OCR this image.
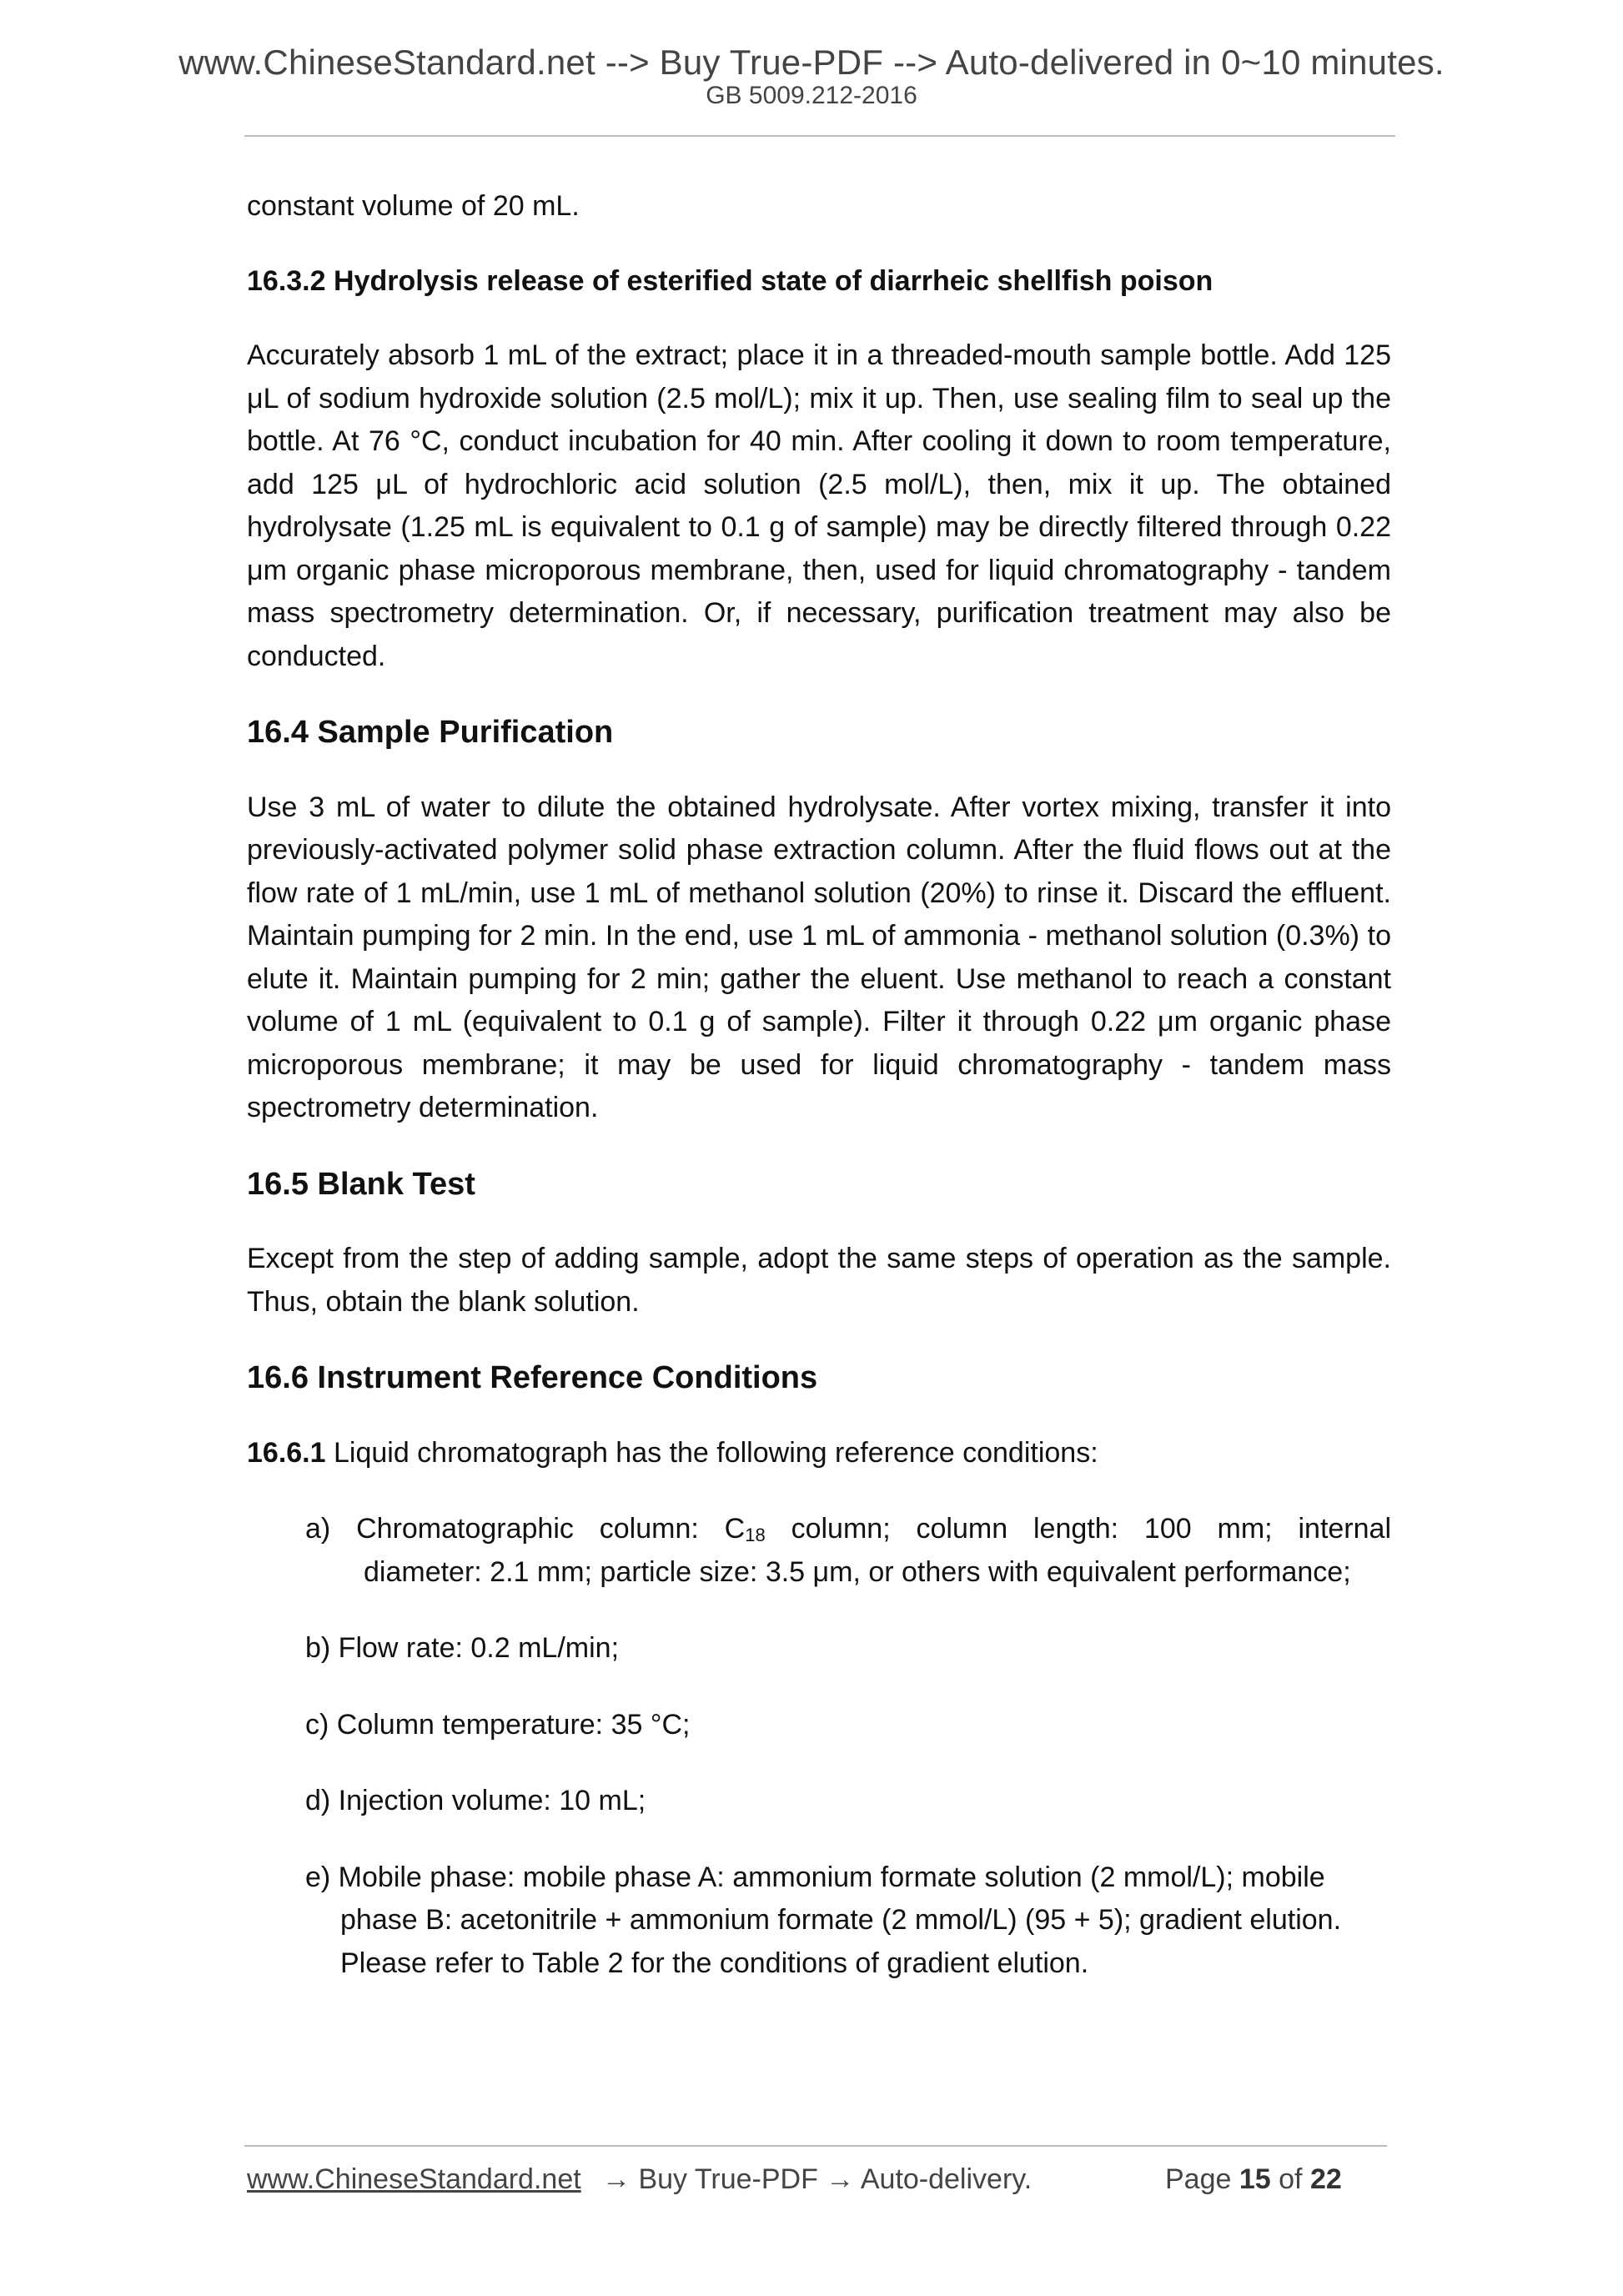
www.ChineseStandard.net --> Buy True-PDF --> Auto-delivered in 0~10 minutes.
GB 5009.212-2016

constant volume of 20 mL.

16.3.2 Hydrolysis release of esterified state of diarrheic shellfish poison

Accurately absorb 1 mL of the extract; place it in a threaded-mouth sample bottle. Add 125 μL of sodium hydroxide solution (2.5 mol/L); mix it up. Then, use sealing film to seal up the bottle. At 76 °C, conduct incubation for 40 min. After cooling it down to room temperature, add 125 μL of hydrochloric acid solution (2.5 mol/L), then, mix it up. The obtained hydrolysate (1.25 mL is equivalent to 0.1 g of sample) may be directly filtered through 0.22 μm organic phase microporous membrane, then, used for liquid chromatography - tandem mass spectrometry determination. Or, if necessary, purification treatment may also be conducted.

16.4 Sample Purification

Use 3 mL of water to dilute the obtained hydrolysate. After vortex mixing, transfer it into previously-activated polymer solid phase extraction column. After the fluid flows out at the flow rate of 1 mL/min, use 1 mL of methanol solution (20%) to rinse it. Discard the effluent. Maintain pumping for 2 min. In the end, use 1 mL of ammonia - methanol solution (0.3%) to elute it. Maintain pumping for 2 min; gather the eluent. Use methanol to reach a constant volume of 1 mL (equivalent to 0.1 g of sample). Filter it through 0.22 μm organic phase microporous membrane; it may be used for liquid chromatography - tandem mass spectrometry determination.

16.5 Blank Test

Except from the step of adding sample, adopt the same steps of operation as the sample. Thus, obtain the blank solution.

16.6 Instrument Reference Conditions

16.6.1 Liquid chromatograph has the following reference conditions:

a) Chromatographic column: $C_{18}$ column; column length: 100 mm; internal
diameter: 2.1 mm; particle size: 3.5 μm, or others with equivalent performance;
b) Flow rate: 0.2 mL/min;
c) Column temperature: 35 °C;
d) Injection volume: 10 mL;
e) Mobile phase: mobile phase A: ammonium formate solution (2 mmol/L); mobile
phase B: acetonitrile + ammonium formate (2 mmol/L) (95 + 5); gradient elution. Please refer to Table 2 for the conditions of gradient elution.
www.ChineseStandard.net → Buy True-PDF → Auto-delivery.	Page 15 of 22
